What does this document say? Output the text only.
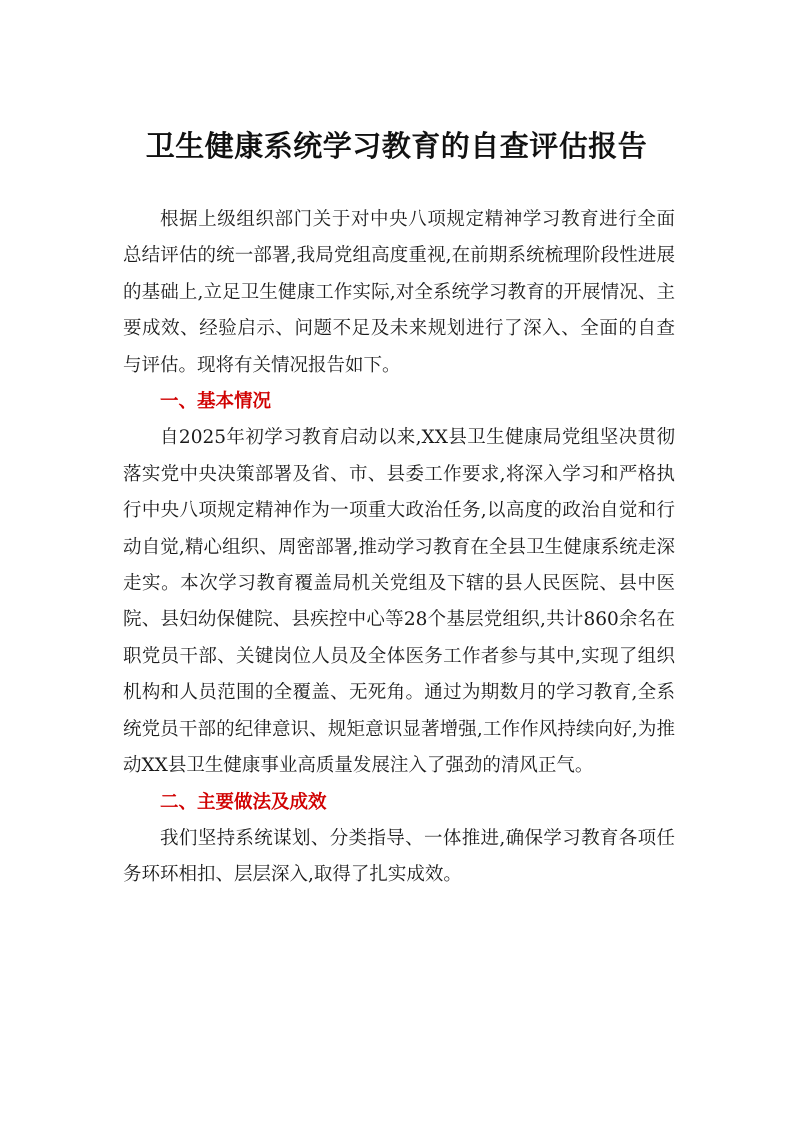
卫生健康系统学习教育的自查评估报告

根据上级组织部门关于对中央八项规定精神学习教育进行全面总结评估的统一部署,我局党组高度重视,在前期系统梳理阶段性进展的基础上,立足卫生健康工作实际,对全系统学习教育的开展情况、主要成效、经验启示、问题不足及未来规划进行了深入、全面的自查与评估。现将有关情况报告如下。

一、基本情况

自2025年初学习教育启动以来,XX县卫生健康局党组坚决贯彻落实党中央决策部署及省、市、县委工作要求,将深入学习和严格执行中央八项规定精神作为一项重大政治任务,以高度的政治自觉和行动自觉,精心组织、周密部署,推动学习教育在全县卫生健康系统走深走实。本次学习教育覆盖局机关党组及下辖的县人民医院、县中医院、县妇幼保健院、县疾控中心等28个基层党组织,共计860余名在职党员干部、关键岗位人员及全体医务工作者参与其中,实现了组织机构和人员范围的全覆盖、无死角。通过为期数月的学习教育,全系统党员干部的纪律意识、规矩意识显著增强,工作作风持续向好,为推动XX县卫生健康事业高质量发展注入了强劲的清风正气。

二、主要做法及成效

我们坚持系统谋划、分类指导、一体推进,确保学习教育各项任务环环相扣、层层深入,取得了扎实成效。
